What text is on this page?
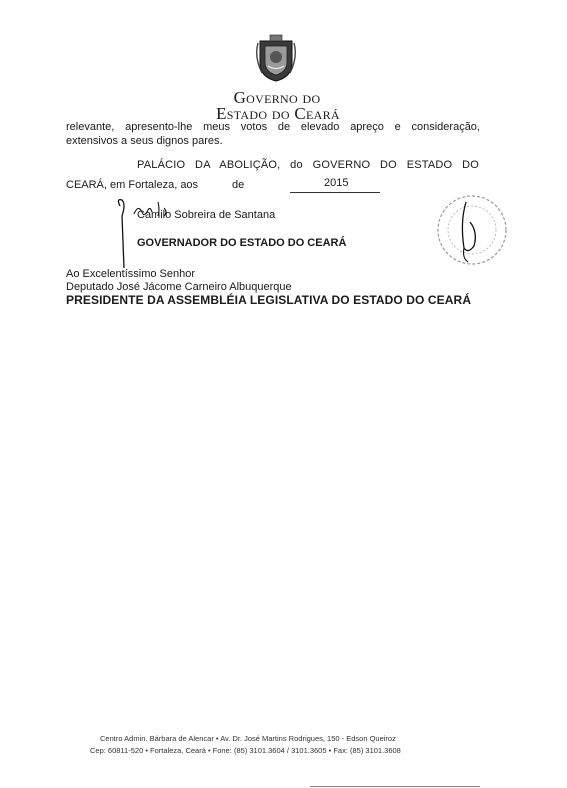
Governo do
Estado do Ceará
relevante, apresento-lhe meus votos de elevado apreço e consideração,
extensivos a seus dignos pares.
PALÁCIO DA ABOLIÇÃO, do GOVERNO DO ESTADO DO
CEARÁ, em Fortaleza, aos	de	2015
Camilo Sobreira de Santana
GOVERNADOR DO ESTADO DO CEARÁ
Ao Excelentíssimo Senhor
Deputado José Jácome Carneiro Albuquerque
PRESIDENTE DA ASSEMBLÉIA LEGISLATIVA DO ESTADO DO CEARÁ
Centro Admin. Bárbara de Alencar • Av. Dr. José Martins Rodrigues, 150 - Edson Queiroz
Cep: 60811-520 • Fortaleza, Ceará • Fone: (85) 3101.3604 / 3101.3605 • Fax: (85) 3101.3608
